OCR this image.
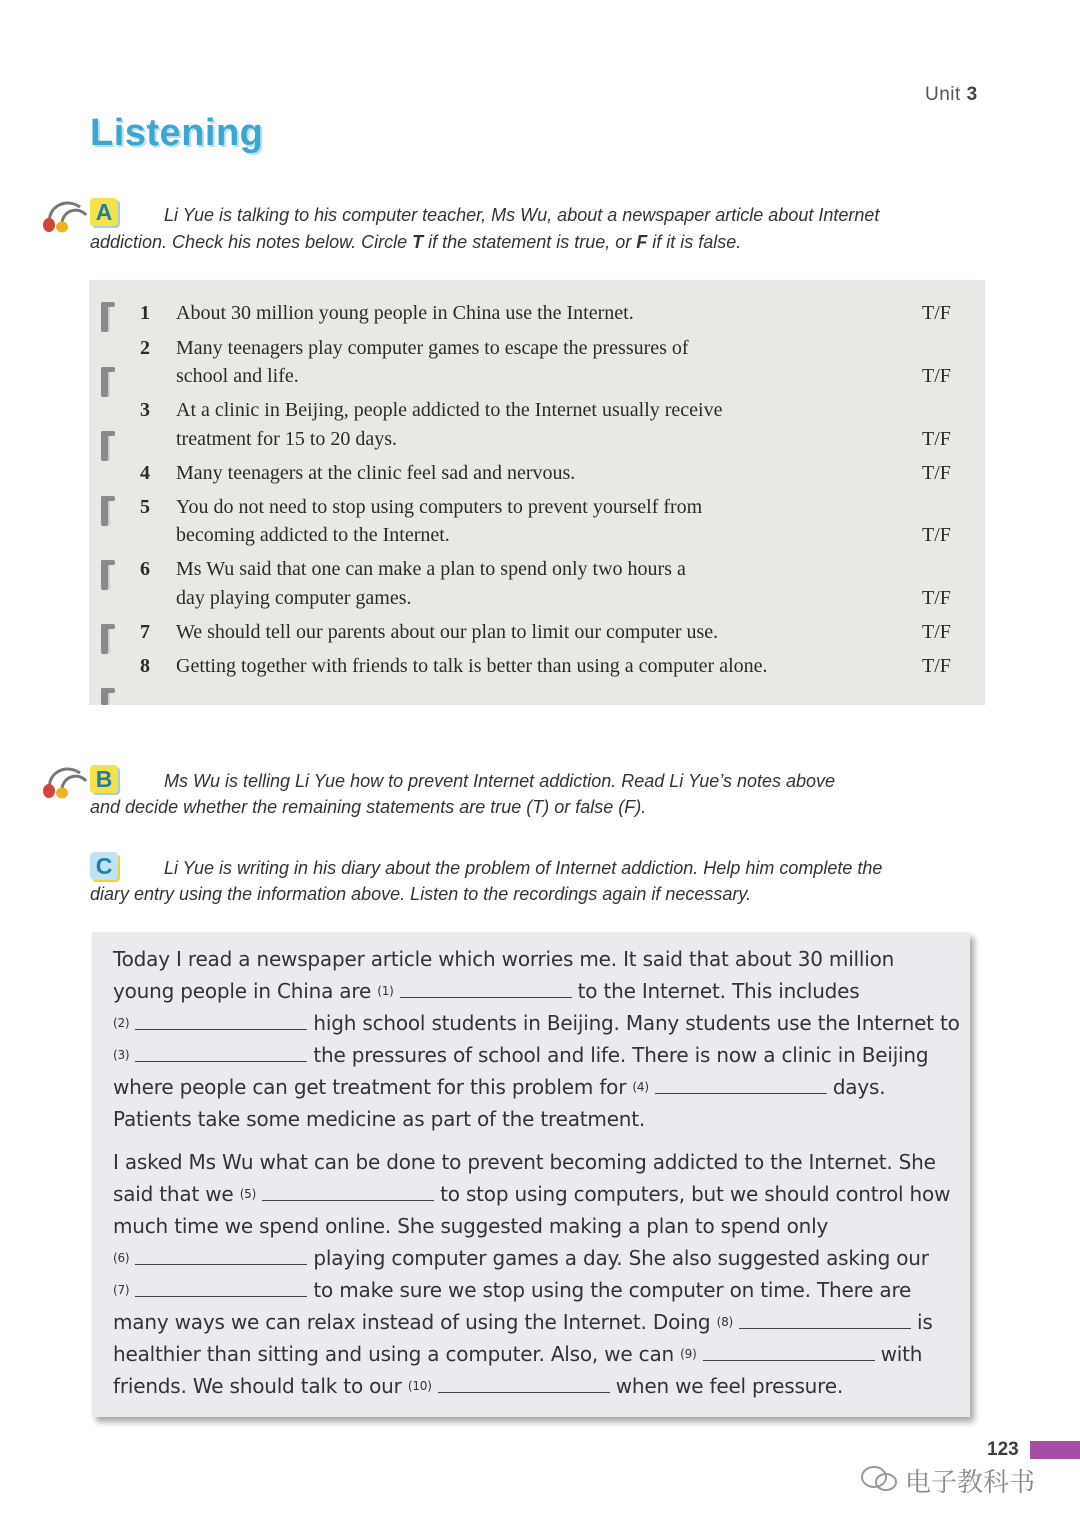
Unit 3
Listening
A	Li Yue is talking to his computer teacher, Ms Wu, about a newspaper article about Internet
addiction. Check his notes below. Circle T if the statement is true, or F if it is false.
1 About 30 million young people in China use the Internet.	T/F
2 Many teenagers play computer games to escape the pressures of
school and life.	T/F
3 At a clinic in Beijing, people addicted to the Internet usually receive
treatment for 15 to 20 days.	T/F
4 Many teenagers at the clinic feel sad and nervous.	T/F
5 You do not need to stop using computers to prevent yourself from
becoming addicted to the Internet.	T/F
6 Ms Wu said that one can make a plan to spend only two hours a
day playing computer games.	T/F
7 We should tell our parents about our plan to limit our computer use.	T/F
8 Getting together with friends to talk is better than using a computer alone.	T/F
B	Ms Wu is telling Li Yue how to prevent Internet addiction. Read Li Yue’s notes above
and decide whether the remaining statements are true (T) or false (F).
C	Li Yue is writing in his diary about the problem of Internet addiction. Help him complete the
diary entry using the information above. Listen to the recordings again if necessary.
Today I read a newspaper article which worries me. It said that about 30 million
young people in China are (1)	to the Internet. This includes
(2)	high school students in Beijing. Many students use the Internet to
(3)	the pressures of school and life. There is now a clinic in Beijing
where people can get treatment for this problem for (4)	days.
Patients take some medicine as part of the treatment.
I asked Ms Wu what can be done to prevent becoming addicted to the Internet. She
said that we (5)	to stop using computers, but we should control how
much time we spend online. She suggested making a plan to spend only
(6)	playing computer games a day. She also suggested asking our
(7)	to make sure we stop using the computer on time. There are
many ways we can relax instead of using the Internet. Doing (8)	is
healthier than sitting and using a computer. Also, we can (9)	with
friends. We should talk to our (10)	when we feel pressure.
123
电子教科书
